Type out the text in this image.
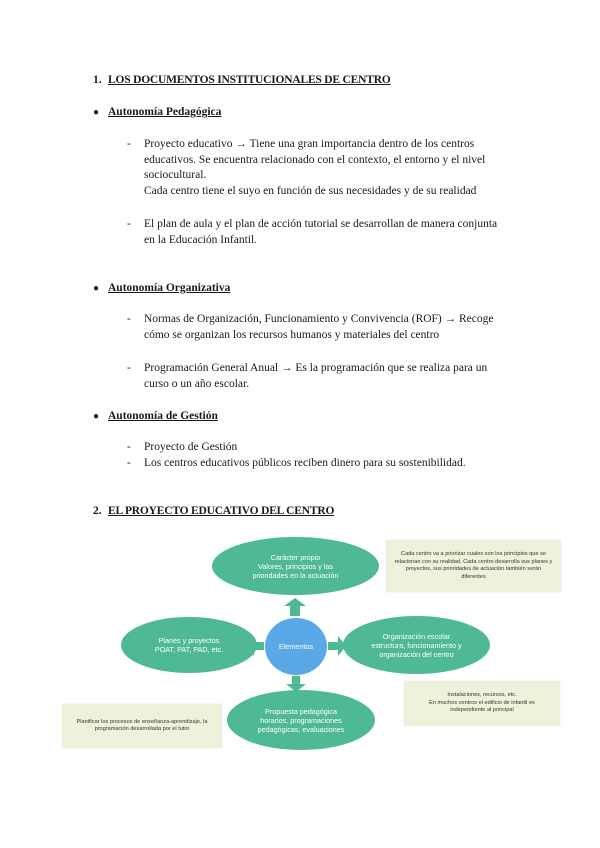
1. LOS DOCUMENTOS INSTITUCIONALES DE CENTRO
● Autonomía Pedagógica
- Proyecto educativo → Tiene una gran importancia dentro de los centros
educativos. Se encuentra relacionado con el contexto, el entorno y el nivel
sociocultural.
Cada centro tiene el suyo en función de sus necesidades y de su realidad
- El plan de aula y el plan de acción tutorial se desarrollan de manera conjunta
en la Educación Infantil.
● Autonomía Organizativa
- Normas de Organización, Funcionamiento y Convivencia (ROF) → Recoge
cómo se organizan los recursos humanos y materiales del centro
- Programación General Anual → Es la programación que se realiza para un
curso o un año escolar.
● Autonomía de Gestión
- Proyecto de Gestión
- Los centros educativos públicos reciben dinero para su sostenibilidad.
2. EL PROYECTO EDUCATIVO DEL CENTRO
Cada centro va a priorizar cuales son los principios que se
relacionan con su realidad. Cada centro desarrolla sus planes y
proyectos, sus prioridades de actuación también serán
diferentes
Carácter propio
Valores, principios y las
prioridades en la actuación
Elementos
Planes y proyectos
POAT, PAT, PAD, etc.
Organización escolar
estructura, funcionamiento y
organización del centro
Instalaciones, recursos, etc.
En muchos centros el edificio de infantil es
independiente al principal
Propuesta pedagógica
horarios, programaciones
pedagógicas, evaluaciones
Planificar los procesos de enseñanza-aprendizaje, la
programación desarrollada por el tutor
